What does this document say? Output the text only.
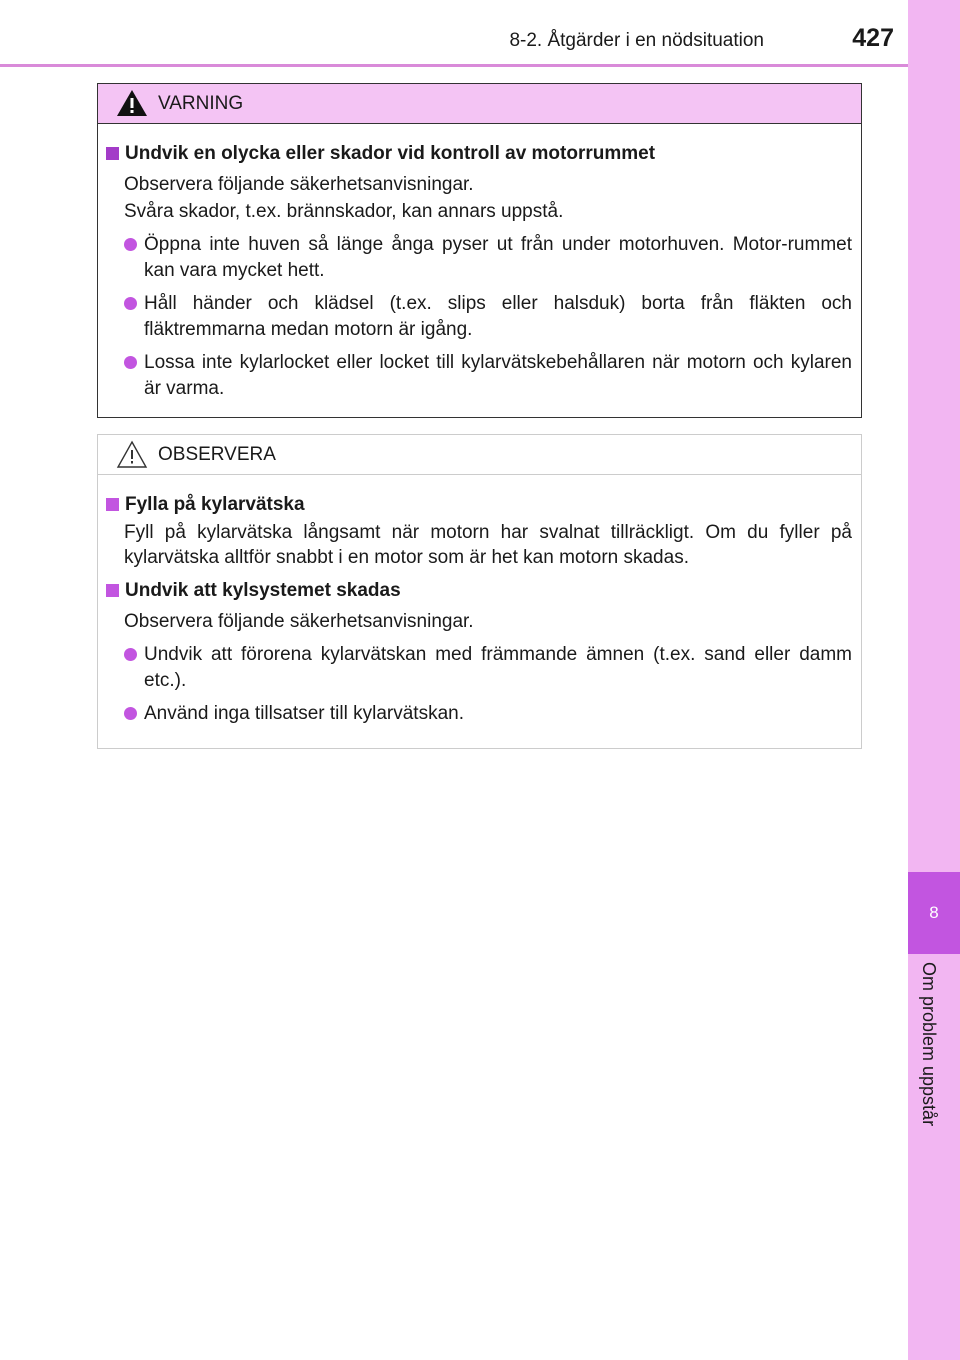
8-2. Åtgärder i en nödsituation	427
8
Om problem uppstår
VARNING
Undvik en olycka eller skador vid kontroll av motorrummet
Observera följande säkerhetsanvisningar.
Svåra skador, t.ex. brännskador, kan annars uppstå.
Öppna inte huven så länge ånga pyser ut från under motorhuven. Motor-rummet kan vara mycket hett.
Håll händer och klädsel (t.ex. slips eller halsduk) borta från fläkten och fläktremmarna medan motorn är igång.
Lossa inte kylarlocket eller locket till kylarvätskebehållaren när motorn och kylaren är varma.
OBSERVERA
Fylla på kylarvätska
Fyll på kylarvätska långsamt när motorn har svalnat tillräckligt. Om du fyller på kylarvätska alltför snabbt i en motor som är het kan motorn skadas.
Undvik att kylsystemet skadas
Observera följande säkerhetsanvisningar.
Undvik att förorena kylarvätskan med främmande ämnen (t.ex. sand eller damm etc.).
Använd inga tillsatser till kylarvätskan.
